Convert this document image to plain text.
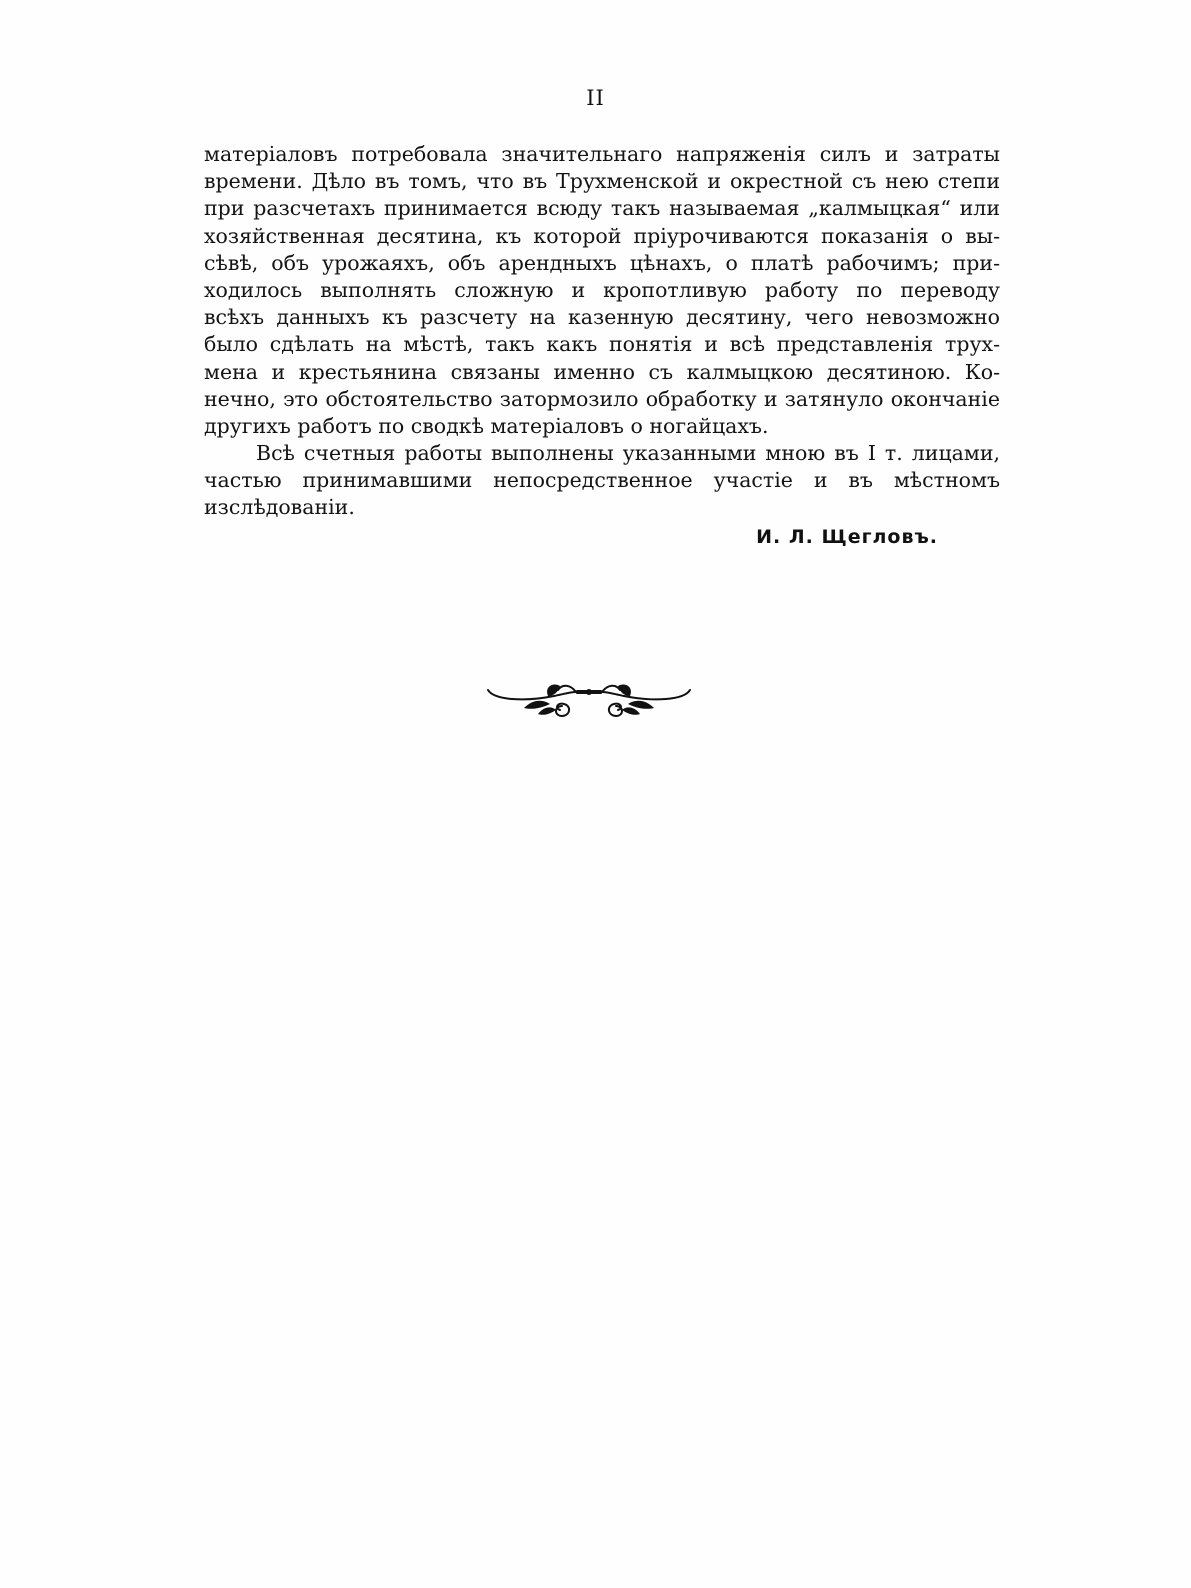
II
матеріаловъ потребовала значительнаго напряженія силъ и затраты
времени. Дѣло въ томъ, что въ Трухменской и окрестной съ нею степи
при разсчетахъ принимается всюду такъ называемая „калмыцкая“ или
хозяйственная десятина, къ которой пріурочиваются показанія о вы-
сѣвѣ, объ урожаяхъ, объ арендныхъ цѣнахъ, о платѣ рабочимъ; при-
ходилось выполнять сложную и кропотливую работу по переводу
всѣхъ данныхъ къ разсчету на казенную десятину, чего невозможно
было сдѣлать на мѣстѣ, такъ какъ понятія и всѣ представленія трух-
мена и крестьянина связаны именно съ калмыцкою десятиною. Ко-
нечно, это обстоятельство затормозило обработку и затянуло окончаніе
другихъ работъ по сводкѣ матеріаловъ о ногайцахъ.
Всѣ счетныя работы выполнены указанными мною въ I т. лицами,
частью принимавшими непосредственное участіе и въ мѣстномъ
изслѣдованіи.
И. Л. Щегловъ.
